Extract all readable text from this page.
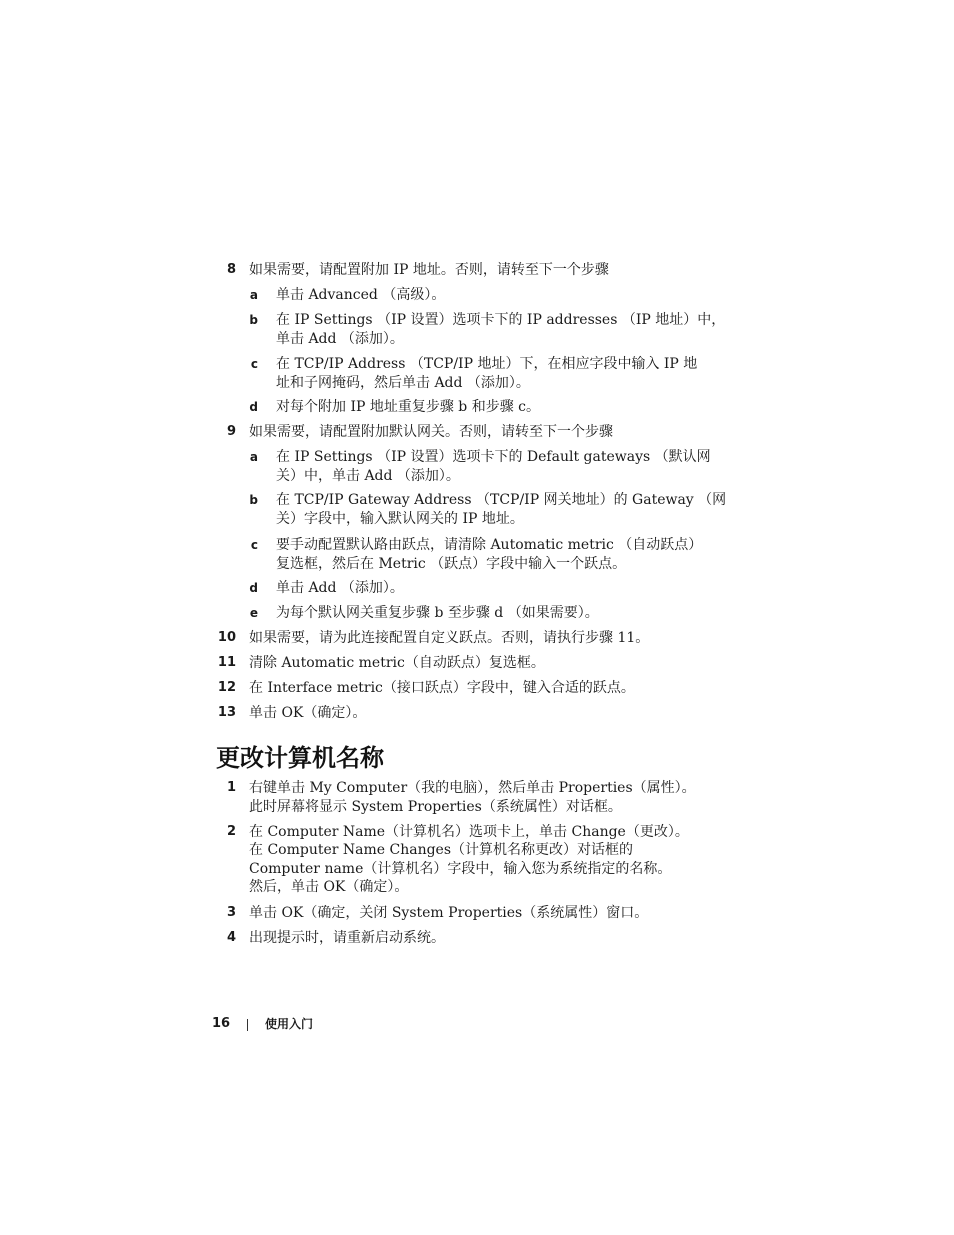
8 如果需要，请配置附加 IP 地址。否则，请转至下一个步骤
a 单击 Advanced （高级）。
b 在 IP Settings （IP 设置）选项卡下的 IP addresses （IP 地址）中，
单击 Add （添加）。
c 在 TCP/IP Address （TCP/IP 地址）下，在相应字段中输入 IP 地
址和子网掩码，然后单击 Add （添加）。
d 对每个附加 IP 地址重复步骤 b 和步骤 c。
9 如果需要，请配置附加默认网关。否则，请转至下一个步骤
a 在 IP Settings （IP 设置）选项卡下的 Default gateways （默认网
关）中，单击 Add （添加）。
b 在 TCP/IP Gateway Address （TCP/IP 网关地址）的 Gateway （网
关）字段中，输入默认网关的 IP 地址。
c 要手动配置默认路由跃点，请清除 Automatic metric （自动跃点）
复选框，然后在 Metric （跃点）字段中输入一个跃点。
d 单击 Add （添加）。
e 为每个默认网关重复步骤 b 至步骤 d （如果需要）。
10 如果需要，请为此连接配置自定义跃点。否则，请执行步骤 11。
11 清除 Automatic metric（自动跃点）复选框。
12 在 Interface metric（接口跃点）字段中，键入合适的跃点。
13 单击 OK（确定）。
更改计算机名称
1 右键单击 My Computer（我的电脑），然后单击 Properties（属性）。
此时屏幕将显示 System Properties（系统属性）对话框。
2 在 Computer Name（计算机名）选项卡上，单击 Change（更改）。
在 Computer Name Changes（计算机名称更改）对话框的
Computer name（计算机名）字段中，输入您为系统指定的名称。
然后，单击 OK（确定）。
3 单击 OK（确定，关闭 System Properties（系统属性）窗口。
4 出现提示时，请重新启动系统。
16	使用入门
